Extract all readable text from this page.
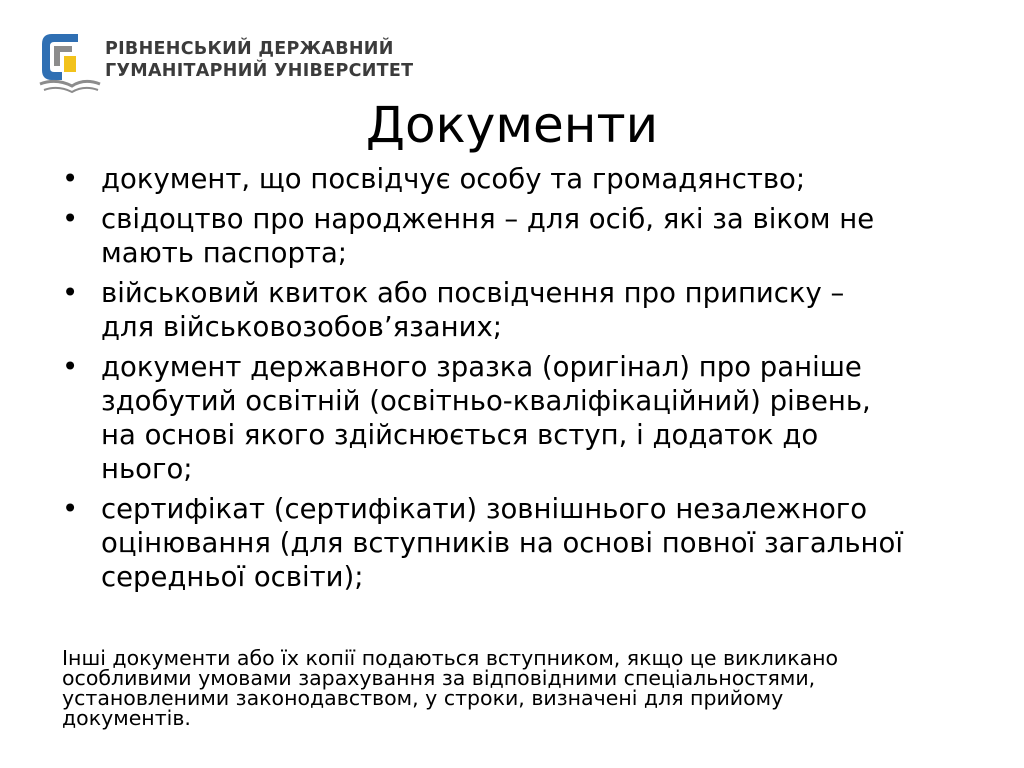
РІВНЕНСЬКИЙ ДЕРЖАВНИЙ
ГУМАНІТАРНИЙ УНІВЕРСИТЕТ
Документи
• документ, що посвідчує особу та громадянство;
• свідоцтво про народження – для осіб, які за віком не
мають паспорта;
• військовий квиток або посвідчення про приписку –
для військовозобов’язаних;
• документ державного зразка (оригінал) про раніше
здобутий освітній (освітньо-кваліфікаційний) рівень,
на основі якого здійснюється вступ, і додаток до
нього;
• сертифікат (сертифікати) зовнішнього незалежного
оцінювання (для вступників на основі повної загальної
середньої освіти);
Інші документи або їх копії подаються вступником, якщо це викликано
особливими умовами зарахування за відповідними спеціальностями,
установленими законодавством, у строки, визначені для прийому
документів.
